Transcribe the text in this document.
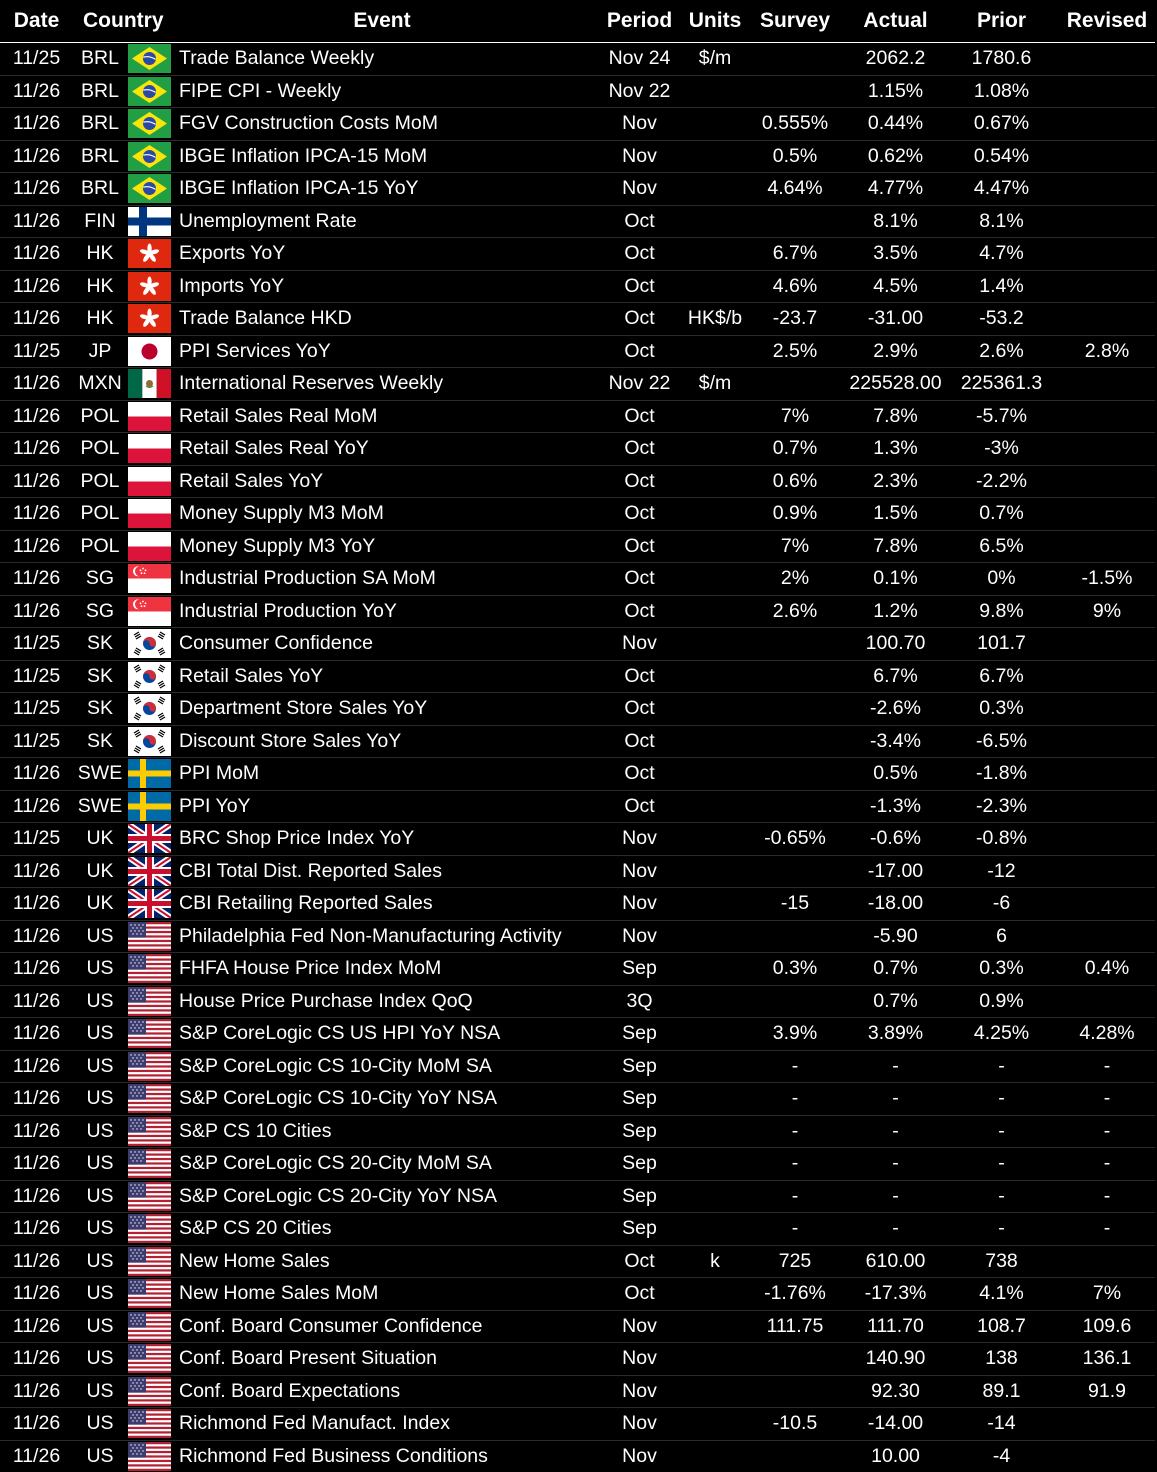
Date	Country		Event	Period	Units	Survey	Actual	Prior	Revised
11/25	BRL		Trade Balance Weekly	Nov 24	$/m		2062.2	1780.6	
11/26	BRL		FIPE CPI - Weekly	Nov 22			1.15%	1.08%	
11/26	BRL		FGV Construction Costs MoM	Nov		0.555%	0.44%	0.67%	
11/26	BRL		IBGE Inflation IPCA-15 MoM	Nov		0.5%	0.62%	0.54%	
11/26	BRL		IBGE Inflation IPCA-15 YoY	Nov		4.64%	4.77%	4.47%	
11/26	FIN		Unemployment Rate	Oct			8.1%	8.1%	
11/26	HK		Exports YoY	Oct		6.7%	3.5%	4.7%	
11/26	HK		Imports YoY	Oct		4.6%	4.5%	1.4%	
11/26	HK		Trade Balance HKD	Oct	HK$/b	-23.7	-31.00	-53.2	
11/25	JP		PPI Services YoY	Oct		2.5%	2.9%	2.6%	2.8%
11/26	MXN		International Reserves Weekly	Nov 22	$/m		225528.00	225361.3	
11/26	POL		Retail Sales Real MoM	Oct		7%	7.8%	-5.7%	
11/26	POL		Retail Sales Real YoY	Oct		0.7%	1.3%	-3%	
11/26	POL		Retail Sales YoY	Oct		0.6%	2.3%	-2.2%	
11/26	POL		Money Supply M3 MoM	Oct		0.9%	1.5%	0.7%	
11/26	POL		Money Supply M3 YoY	Oct		7%	7.8%	6.5%	
11/26	SG		Industrial Production SA MoM	Oct		2%	0.1%	0%	-1.5%
11/26	SG		Industrial Production YoY	Oct		2.6%	1.2%	9.8%	9%
11/25	SK		Consumer Confidence	Nov			100.70	101.7	
11/25	SK		Retail Sales YoY	Oct			6.7%	6.7%	
11/25	SK		Department Store Sales YoY	Oct			-2.6%	0.3%	
11/25	SK		Discount Store Sales YoY	Oct			-3.4%	-6.5%	
11/26	SWE		PPI MoM	Oct			0.5%	-1.8%	
11/26	SWE		PPI YoY	Oct			-1.3%	-2.3%	
11/25	UK		BRC Shop Price Index YoY	Nov		-0.65%	-0.6%	-0.8%	
11/26	UK		CBI Total Dist. Reported Sales	Nov			-17.00	-12	
11/26	UK		CBI Retailing Reported Sales	Nov		-15	-18.00	-6	
11/26	US		Philadelphia Fed Non-Manufacturing Activity	Nov			-5.90	6	
11/26	US		FHFA House Price Index MoM	Sep		0.3%	0.7%	0.3%	0.4%
11/26	US		House Price Purchase Index QoQ	3Q			0.7%	0.9%	
11/26	US		S&P CoreLogic CS US HPI YoY NSA	Sep		3.9%	3.89%	4.25%	4.28%
11/26	US		S&P CoreLogic CS 10-City MoM SA	Sep		-	-	-	-
11/26	US		S&P CoreLogic CS 10-City YoY NSA	Sep		-	-	-	-
11/26	US		S&P CS 10 Cities	Sep		-	-	-	-
11/26	US		S&P CoreLogic CS 20-City MoM SA	Sep		-	-	-	-
11/26	US		S&P CoreLogic CS 20-City YoY NSA	Sep		-	-	-	-
11/26	US		S&P CS 20 Cities	Sep		-	-	-	-
11/26	US		New Home Sales	Oct	k	725	610.00	738	
11/26	US		New Home Sales MoM	Oct		-1.76%	-17.3%	4.1%	7%
11/26	US		Conf. Board Consumer Confidence	Nov		111.75	111.70	108.7	109.6
11/26	US		Conf. Board Present Situation	Nov			140.90	138	136.1
11/26	US		Conf. Board Expectations	Nov			92.30	89.1	91.9
11/26	US		Richmond Fed Manufact. Index	Nov		-10.5	-14.00	-14	
11/26	US		Richmond Fed Business Conditions	Nov			10.00	-4	
